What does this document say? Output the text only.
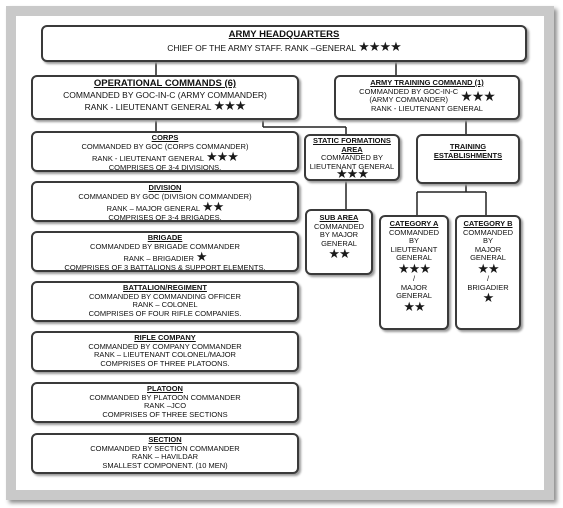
ARMY HEADQUARTERS
CHIEF OF THE ARMY STAFF. RANK –GENERAL ★★★★
OPERATIONAL COMMANDS (6)
COMMANDED BY GOC-IN-C (ARMY COMMANDER)
RANK - LIEUTENANT GENERAL ★★★
ARMY TRAINING COMMAND (1)
COMMANDED BY GOC-IN-C
(ARMY COMMANDER) ★★★
RANK - LIEUTENANT GENERAL
CORPS
COMMANDED BY GOC (CORPS COMMANDER)
RANK - LIEUTENANT GENERAL ★★★
COMPRISES OF 3-4 DIVISIONS.
DIVISION
COMMANDED BY GOC (DIVISION COMMANDER)
RANK – MAJOR GENERAL ★★
COMPRISES OF 3-4 BRIGADES.
BRIGADE
COMMANDED BY BRIGADE COMMANDER
RANK – BRIGADIER ★
COMPRISES OF 3 BATTALIONS & SUPPORT ELEMENTS.
BATTALION/REGIMENT
COMMANDED BY COMMANDING OFFICER
RANK – COLONEL
COMPRISES OF FOUR RIFLE COMPANIES.
RIFLE COMPANY
COMMANDED BY COMPANY COMMANDER
RANK – LIEUTENANT COLONEL/MAJOR
COMPRISES OF THREE PLATOONS.
PLATOON
COMMANDED BY PLATOON COMMANDER
RANK –JCO
COMPRISES OF THREE SECTIONS
SECTION
COMMANDED BY SECTION COMMANDER
RANK – HAVILDAR
SMALLEST COMPONENT. (10 MEN)
STATIC FORMATIONS
AREA
COMMANDED BY
LIEUTENANT GENERAL
★★★
TRAINING
ESTABLISHMENTS
SUB AREA
COMMANDED
BY MAJOR
GENERAL
★★
CATEGORY A
COMMANDED
BY
LIEUTENANT
GENERAL
★★★
/
MAJOR
GENERAL
★★
CATEGORY B
COMMANDED
BY
MAJOR
GENERAL
★★
/
BRIGADIER
★
